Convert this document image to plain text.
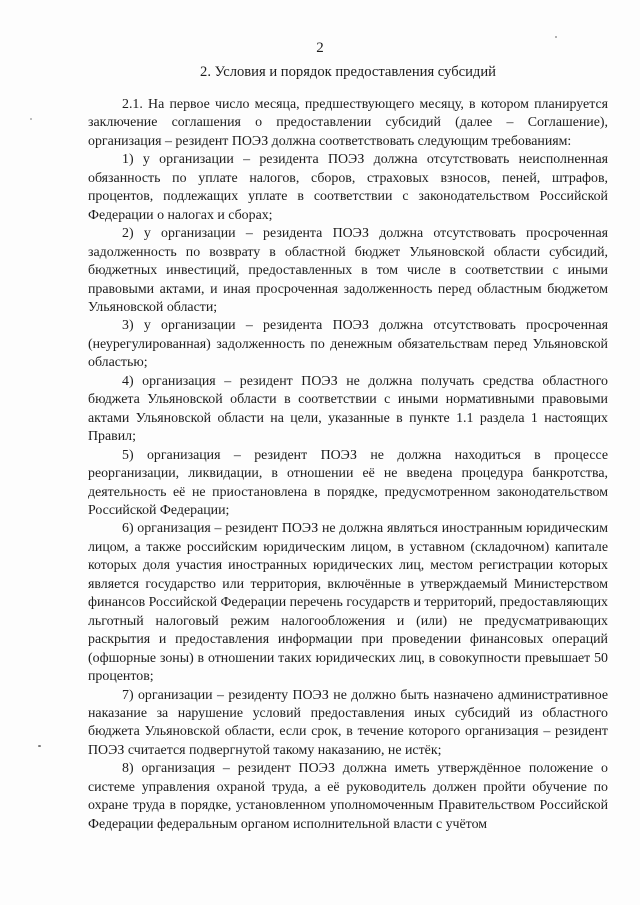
2
2. Условия и порядок предоставления субсидий

2.1. На первое число месяца, предшествующего месяцу, в котором планируется заключение соглашения о предоставлении субсидий (далее – Соглашение), организация – резидент ПОЭЗ должна соответствовать следующим требованиям:

1) у организации – резидента ПОЭЗ должна отсутствовать неисполненная обязанность по уплате налогов, сборов, страховых взносов, пеней, штрафов, процентов, подлежащих уплате в соответствии с законодательством Российской Федерации о налогах и сборах;

2) у организации – резидента ПОЭЗ должна отсутствовать просроченная задолженность по возврату в областной бюджет Ульяновской области субсидий, бюджетных инвестиций, предоставленных в том числе в соответствии с иными правовыми актами, и иная просроченная задолженность перед областным бюджетом Ульяновской области;

3) у организации – резидента ПОЭЗ должна отсутствовать просроченная (неурегулированная) задолженность по денежным обязательствам перед Ульяновской областью;

4) организация – резидент ПОЭЗ не должна получать средства областного бюджета Ульяновской области в соответствии с иными нормативными правовыми актами Ульяновской области на цели, указанные в пункте 1.1 раздела 1 настоящих Правил;

5) организация – резидент ПОЭЗ не должна находиться в процессе реорганизации, ликвидации, в отношении её не введена процедура банкротства, деятельность её не приостановлена в порядке, предусмотренном законодательством Российской Федерации;

6) организация – резидент ПОЭЗ не должна являться иностранным юридическим лицом, а также российским юридическим лицом, в уставном (складочном) капитале которых доля участия иностранных юридических лиц, местом регистрации которых является государство или территория, включённые в утверждаемый Министерством финансов Российской Федерации перечень государств и территорий, предоставляющих льготный налоговый режим налогообложения и (или) не предусматривающих раскрытия и предоставления информации при проведении финансовых операций (офшорные зоны) в отношении таких юридических лиц, в совокупности превышает 50 процентов;

7) организации – резиденту ПОЭЗ не должно быть назначено административное наказание за нарушение условий предоставления иных субсидий из областного бюджета Ульяновской области, если срок, в течение которого организация – резидент ПОЭЗ считается подвергнутой такому наказанию, не истёк;

8) организация – резидент ПОЭЗ должна иметь утверждённое положение о системе управления охраной труда, а её руководитель должен пройти обучение по охране труда в порядке, установленном уполномоченным Правительством Российской Федерации федеральным органом исполнительной власти с учётом
